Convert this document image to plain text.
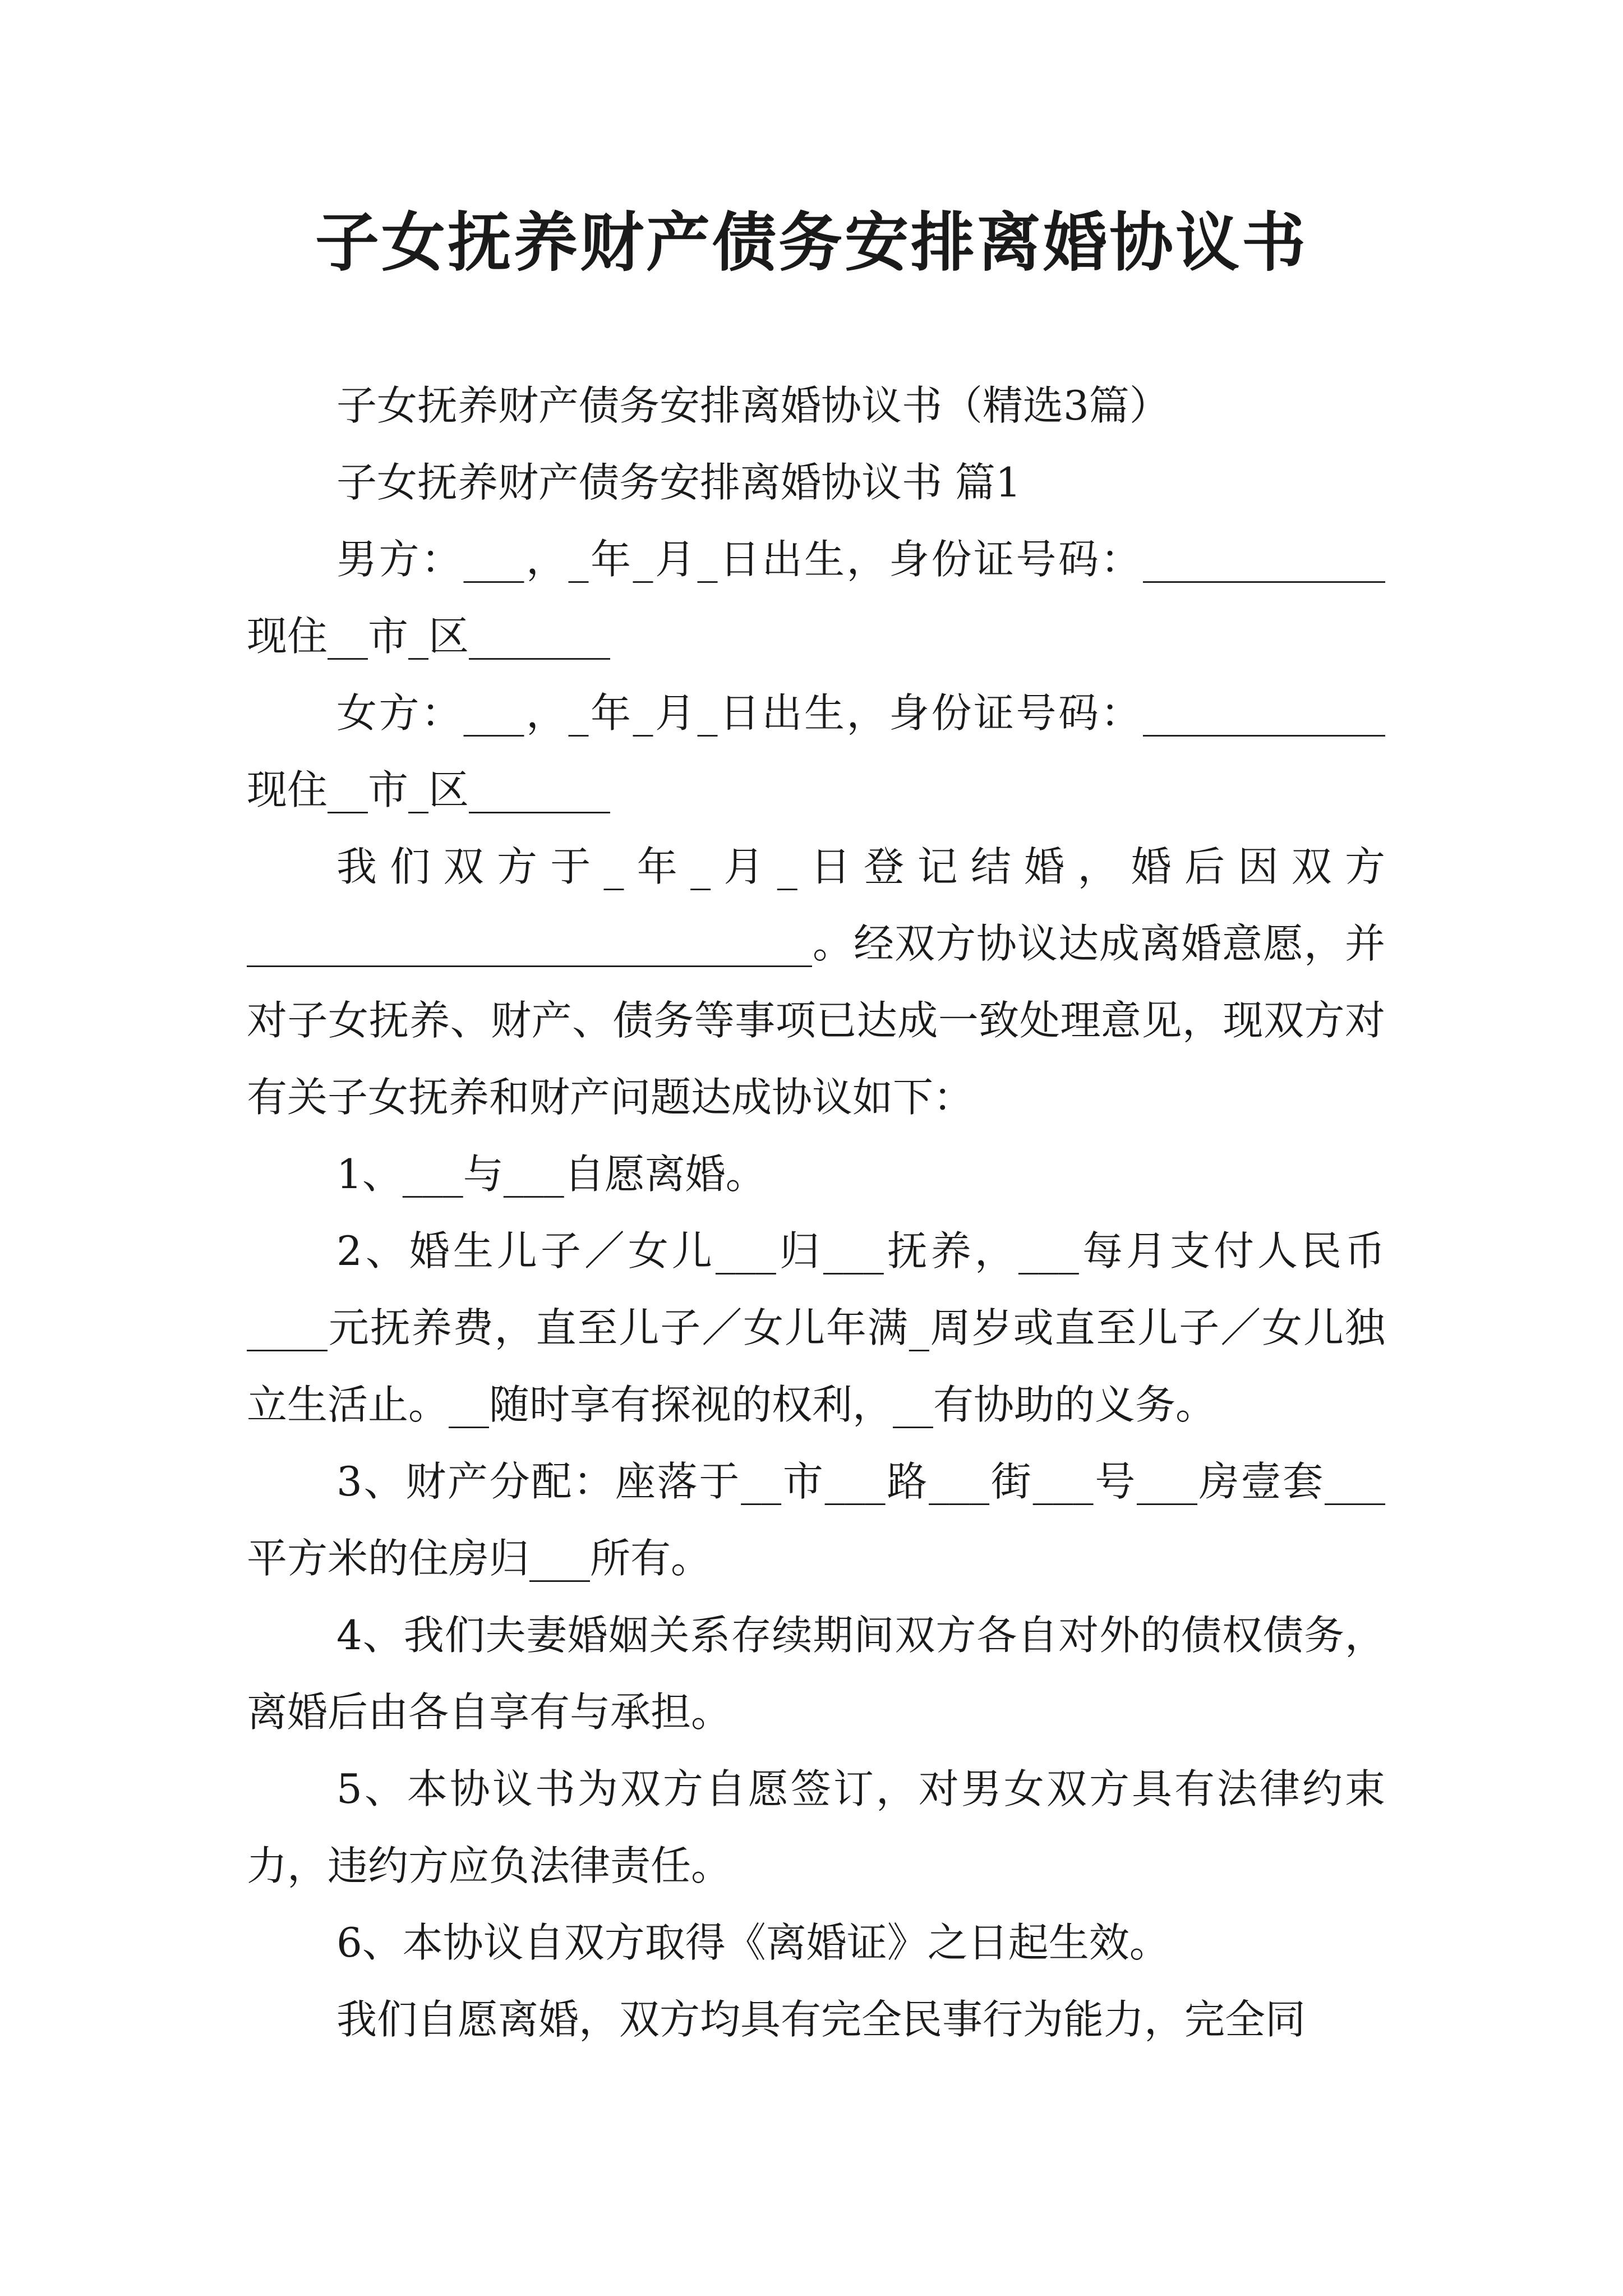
子女抚养财产债务安排离婚协议书

子女抚养财产债务安排离婚协议书（精选3篇）

子女抚养财产债务安排离婚协议书 篇1

男方：___，_年_月_日出生，身份证号码：____________现住__市_区_______

女方：___，_年_月_日出生，身份证号码：____________现住__市_区_______

我们双方于_年_月_日登记结婚，婚后因双方____________________________。经双方协议达成离婚意愿，并对子女抚养、财产、债务等事项已达成一致处理意见，现双方对有关子女抚养和财产问题达成协议如下：

1、___与___自愿离婚。

2、婚生儿子／女儿___归___抚养，___每月支付人民币____元抚养费，直至儿子／女儿年满_周岁或直至儿子／女儿独立生活止。__随时享有探视的权利，__有协助的义务。

3、财产分配：座落于__市___路___街___号___房壹套___平方米的住房归___所有。

4、我们夫妻婚姻关系存续期间双方各自对外的债权债务，离婚后由各自享有与承担。

5、本协议书为双方自愿签订，对男女双方具有法律约束力，违约方应负法律责任。

6、本协议自双方取得《离婚证》之日起生效。

我们自愿离婚，双方均具有完全民事行为能力，完全同
